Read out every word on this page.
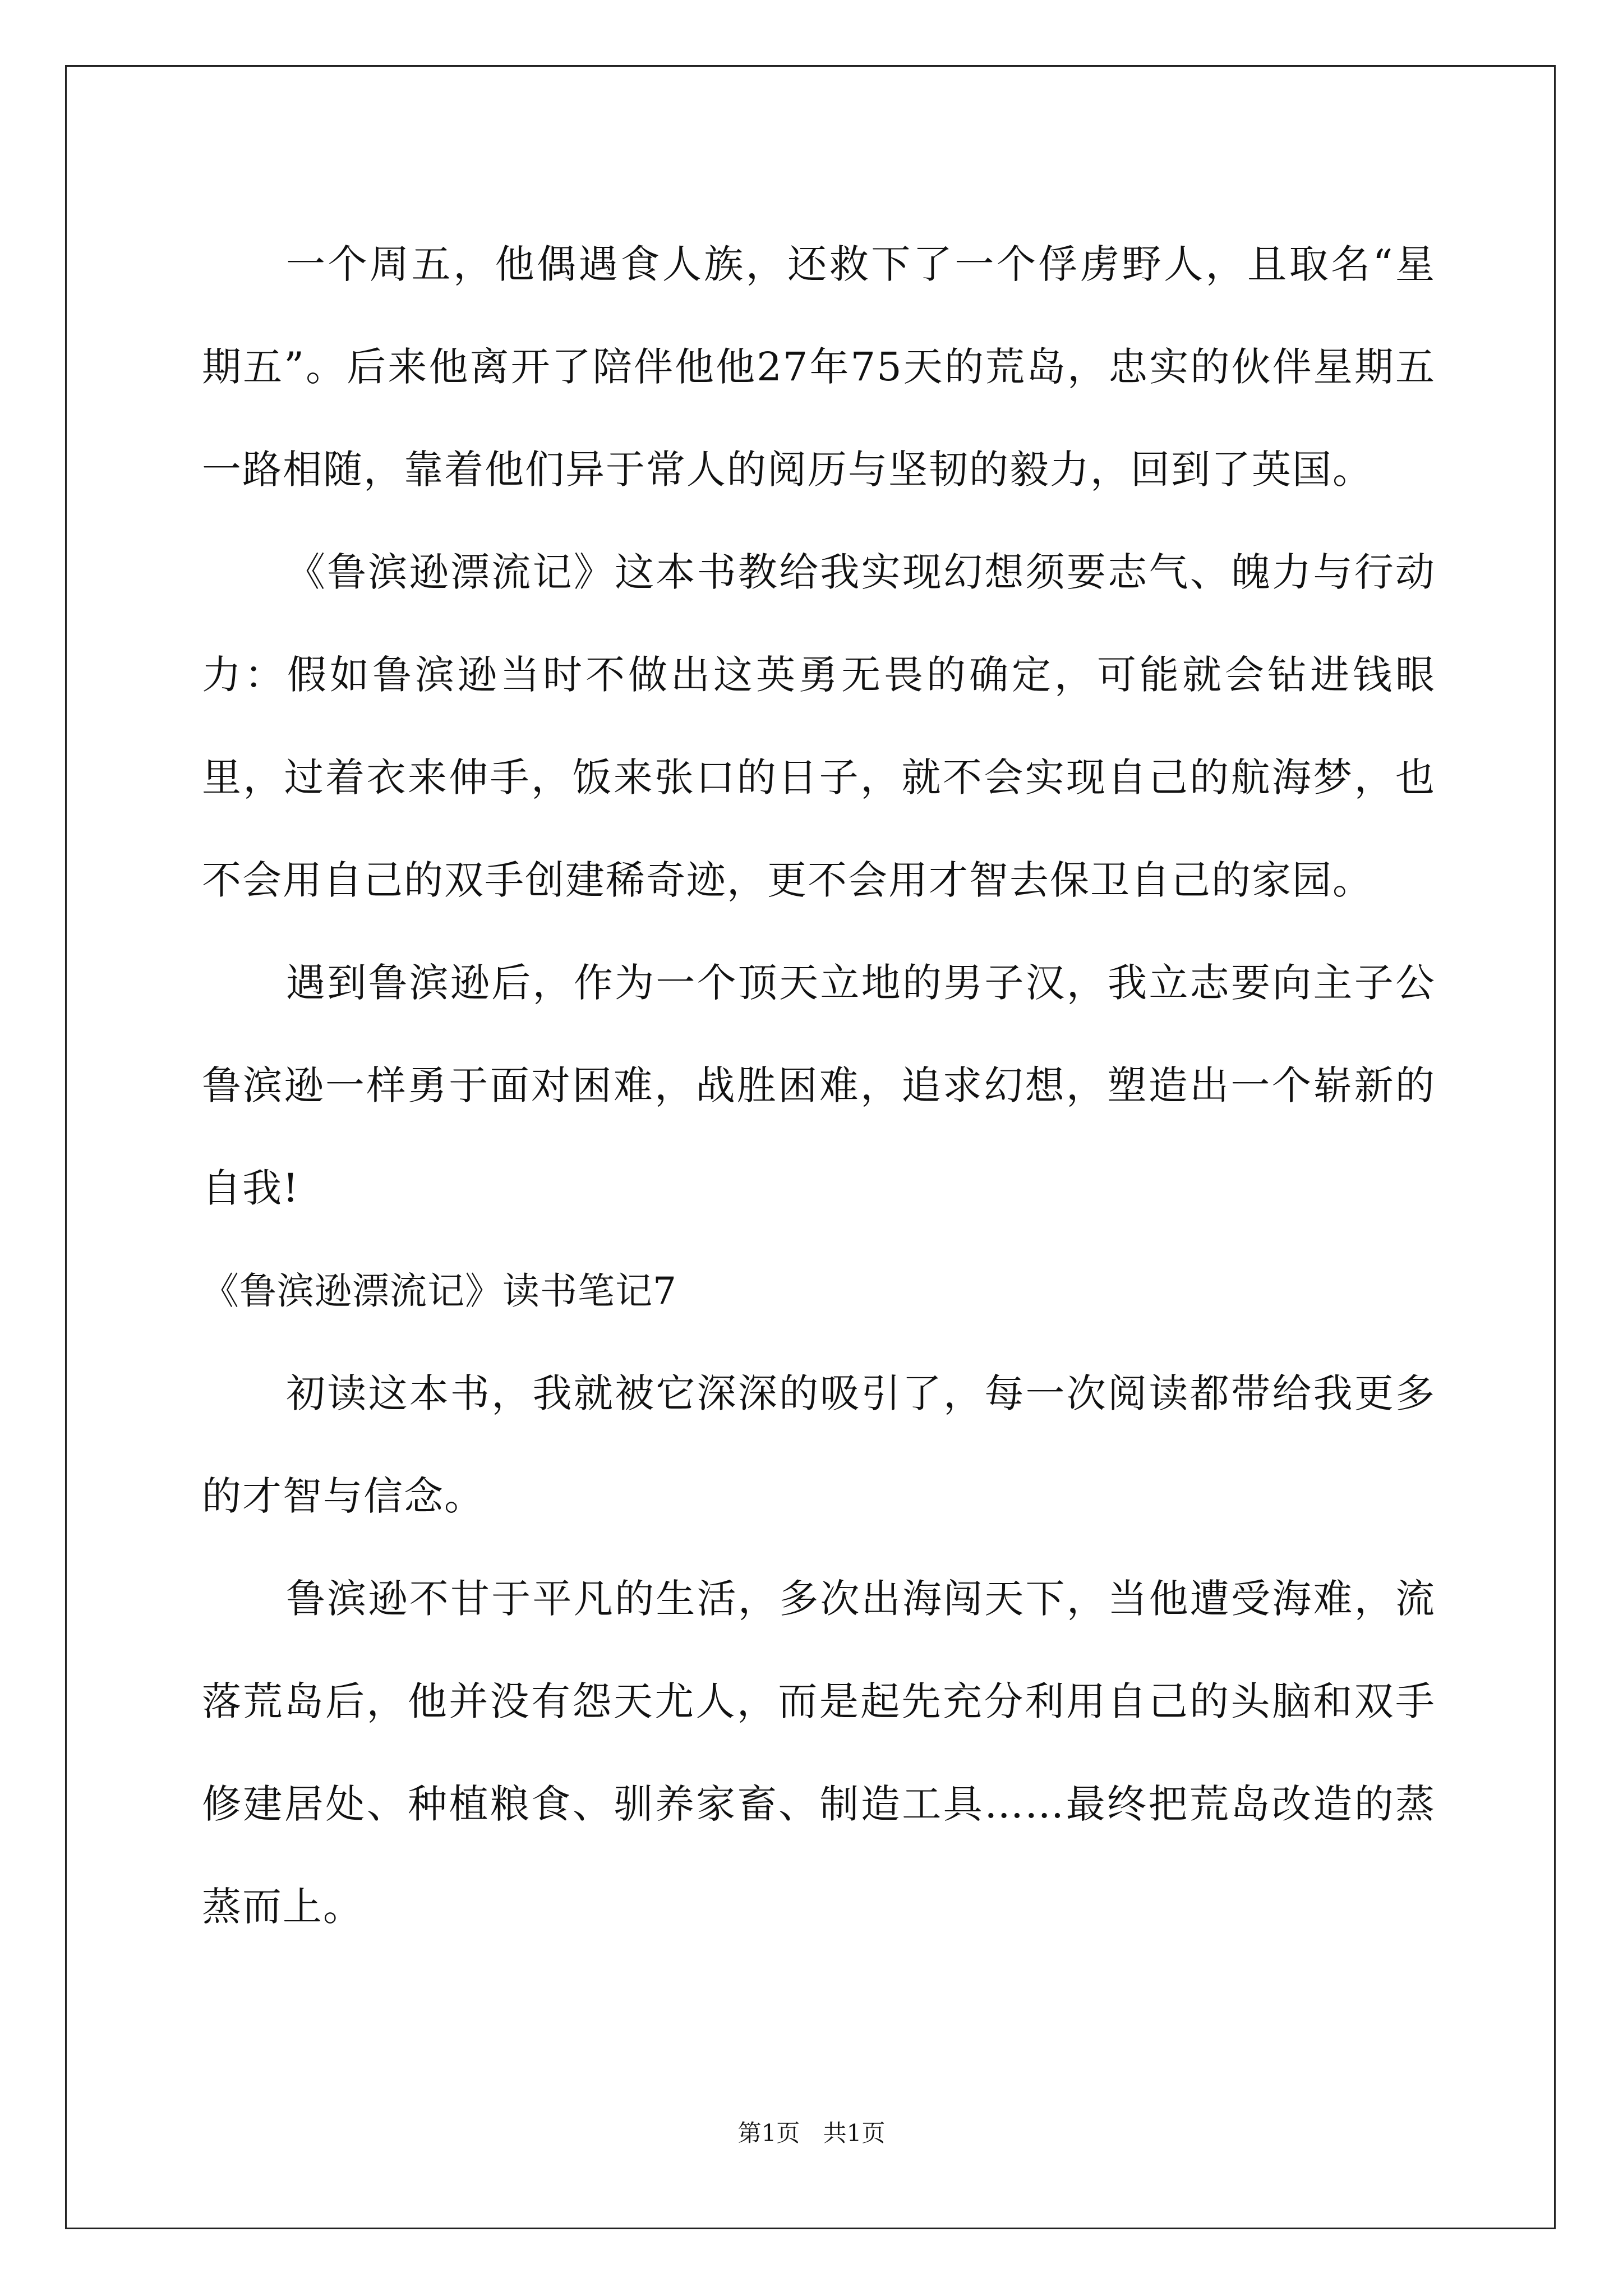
一个周五，他偶遇食人族，还救下了一个俘虏野人，且取名“星期五”。后来他离开了陪伴他他27年75天的荒岛，忠实的伙伴星期五一路相随，靠着他们异于常人的阅历与坚韧的毅力，回到了英国。

《鲁滨逊漂流记》这本书教给我实现幻想须要志气、魄力与行动力：假如鲁滨逊当时不做出这英勇无畏的确定，可能就会钻进钱眼里，过着衣来伸手，饭来张口的日子，就不会实现自己的航海梦，也不会用自己的双手创建稀奇迹，更不会用才智去保卫自己的家园。

遇到鲁滨逊后，作为一个顶天立地的男子汉，我立志要向主子公鲁滨逊一样勇于面对困难，战胜困难，追求幻想，塑造出一个崭新的自我!

《鲁滨逊漂流记》读书笔记7

初读这本书，我就被它深深的吸引了，每一次阅读都带给我更多的才智与信念。

鲁滨逊不甘于平凡的生活，多次出海闯天下，当他遭受海难，流落荒岛后，他并没有怨天尤人，而是起先充分利用自己的头脑和双手修建居处、种植粮食、驯养家畜、制造工具……最终把荒岛改造的蒸蒸而上。

第1页 共1页
